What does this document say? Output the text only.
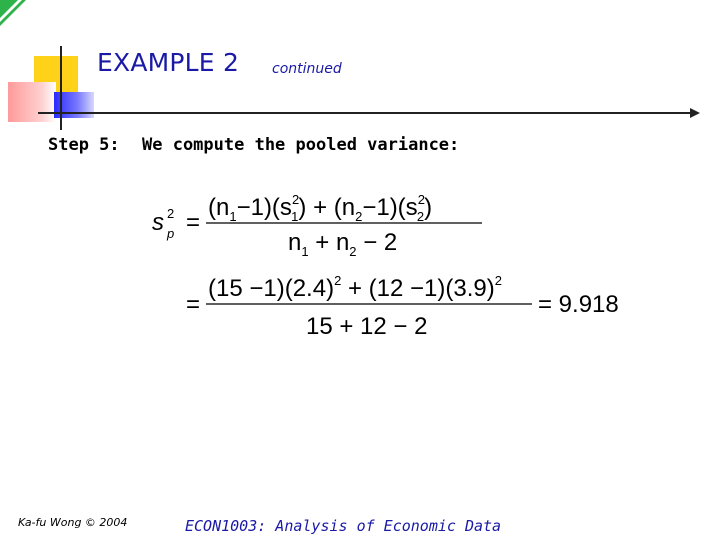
EXAMPLE 2 continued
Step 5: We compute the pooled variance:
s 2
p =
$(n_1-1)(s^2$ $1) + (n_2-1)(s^2$ 2)
$n_1 + n_2 - 2$
=
$(15 -1)(2.4)^2 + (12 -1)(3.9)^2$
15 + 12 − 2
= 9.918
Ka-fu Wong © 2004	ECON1003: Analysis of Economic Data
